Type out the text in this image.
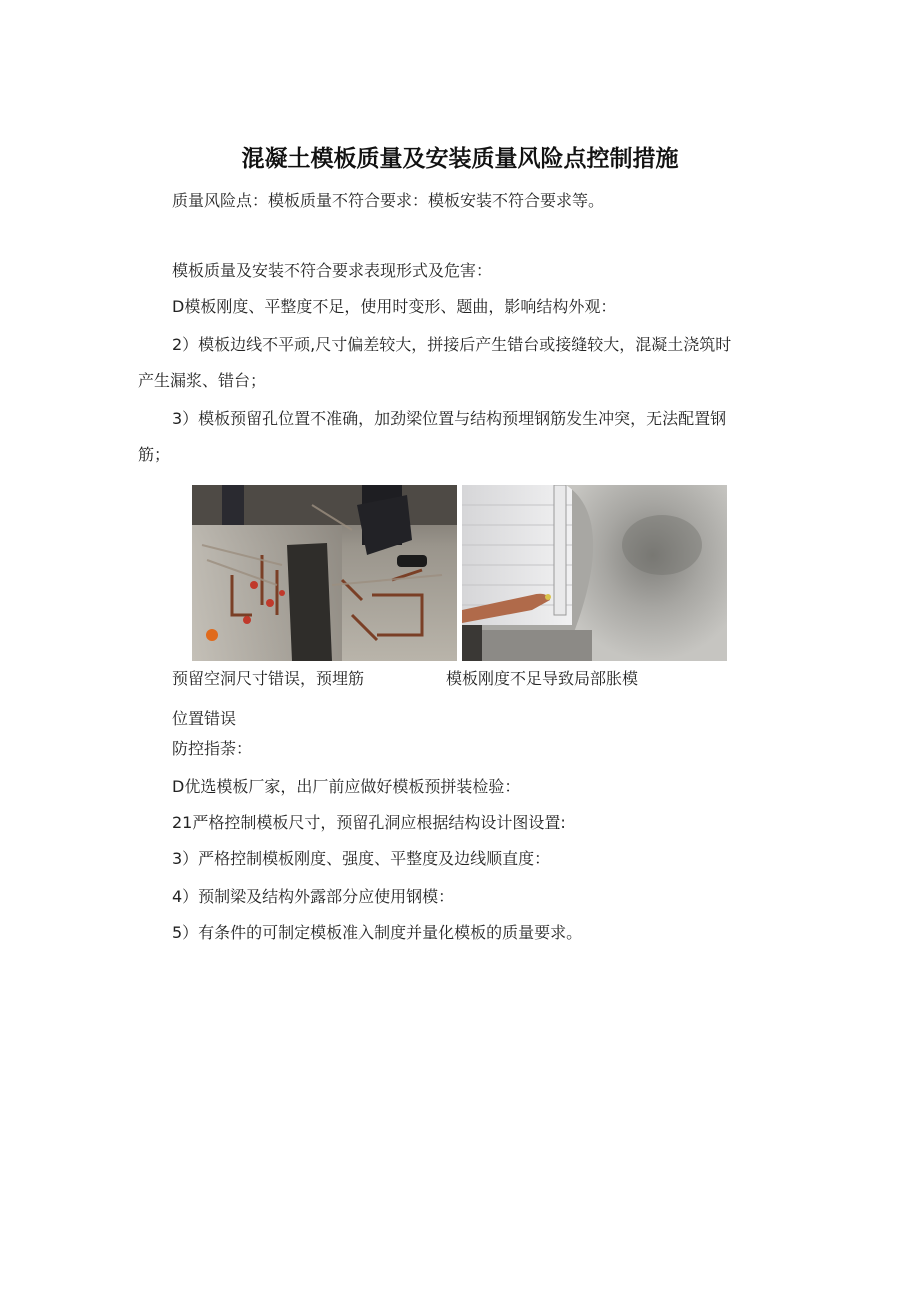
混凝土模板质量及安装质量风险点控制措施
质量风险点：模板质量不符合要求：模板安装不符合要求等。
模板质量及安装不符合要求表现形式及危害：
D模板刚度、平整度不足，使用时变形、题曲，影响结构外观：
2）模板边线不平顽,尺寸偏差较大，拼接后产生错台或接缝较大，混凝土浇筑时
产生漏浆、错台；
3）模板预留孔位置不准确，加劲梁位置与结构预埋钢筋发生冲突，无法配置钢
筋；
预留空洞尺寸错误，预埋筋	模板刚度不足导致局部胀模
位置错误
防控指荼：
D优选模板厂家，出厂前应做好模板预拼装检验：
21严格控制模板尺寸，预留孔洞应根据结构设计图设置:
3）严格控制模板刚度、强度、平整度及边线顺直度：
4）预制梁及结构外露部分应使用钢模：
5）有条件的可制定模板准入制度并量化模板的质量要求。
